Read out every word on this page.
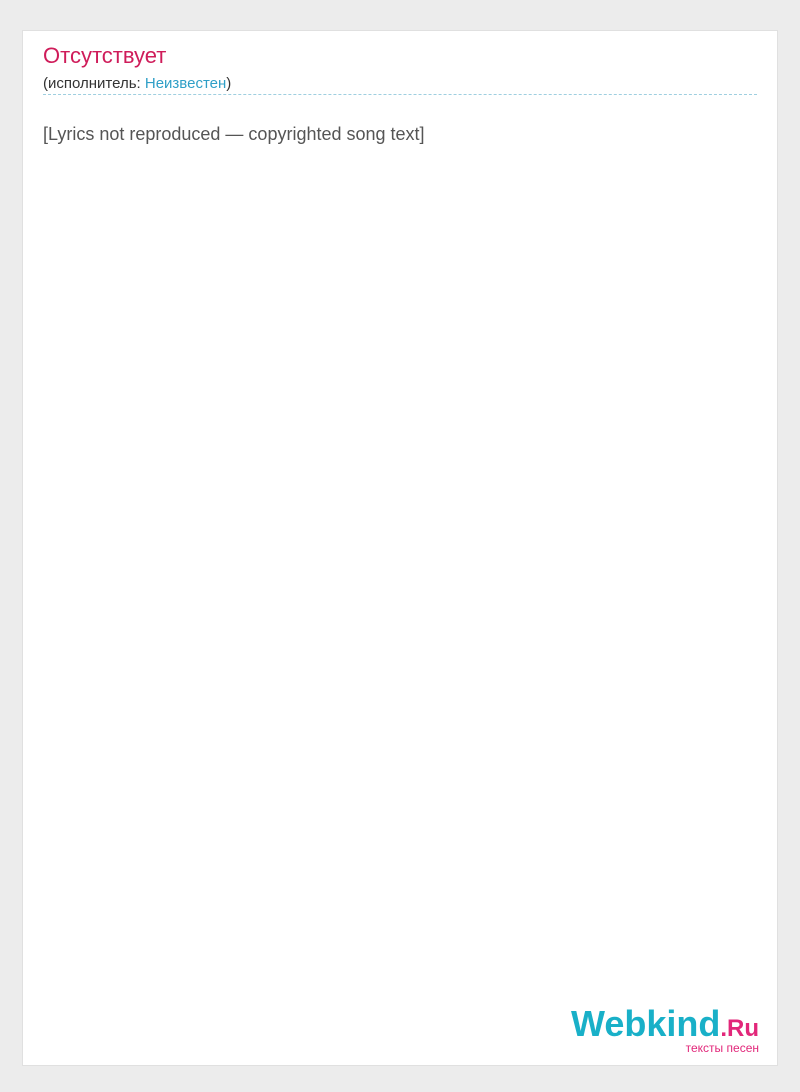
Отсутствует
(исполнитель: Неизвестен)
[Lyrics not reproduced — copyrighted song text]
Webkind.Ru
тексты песен
